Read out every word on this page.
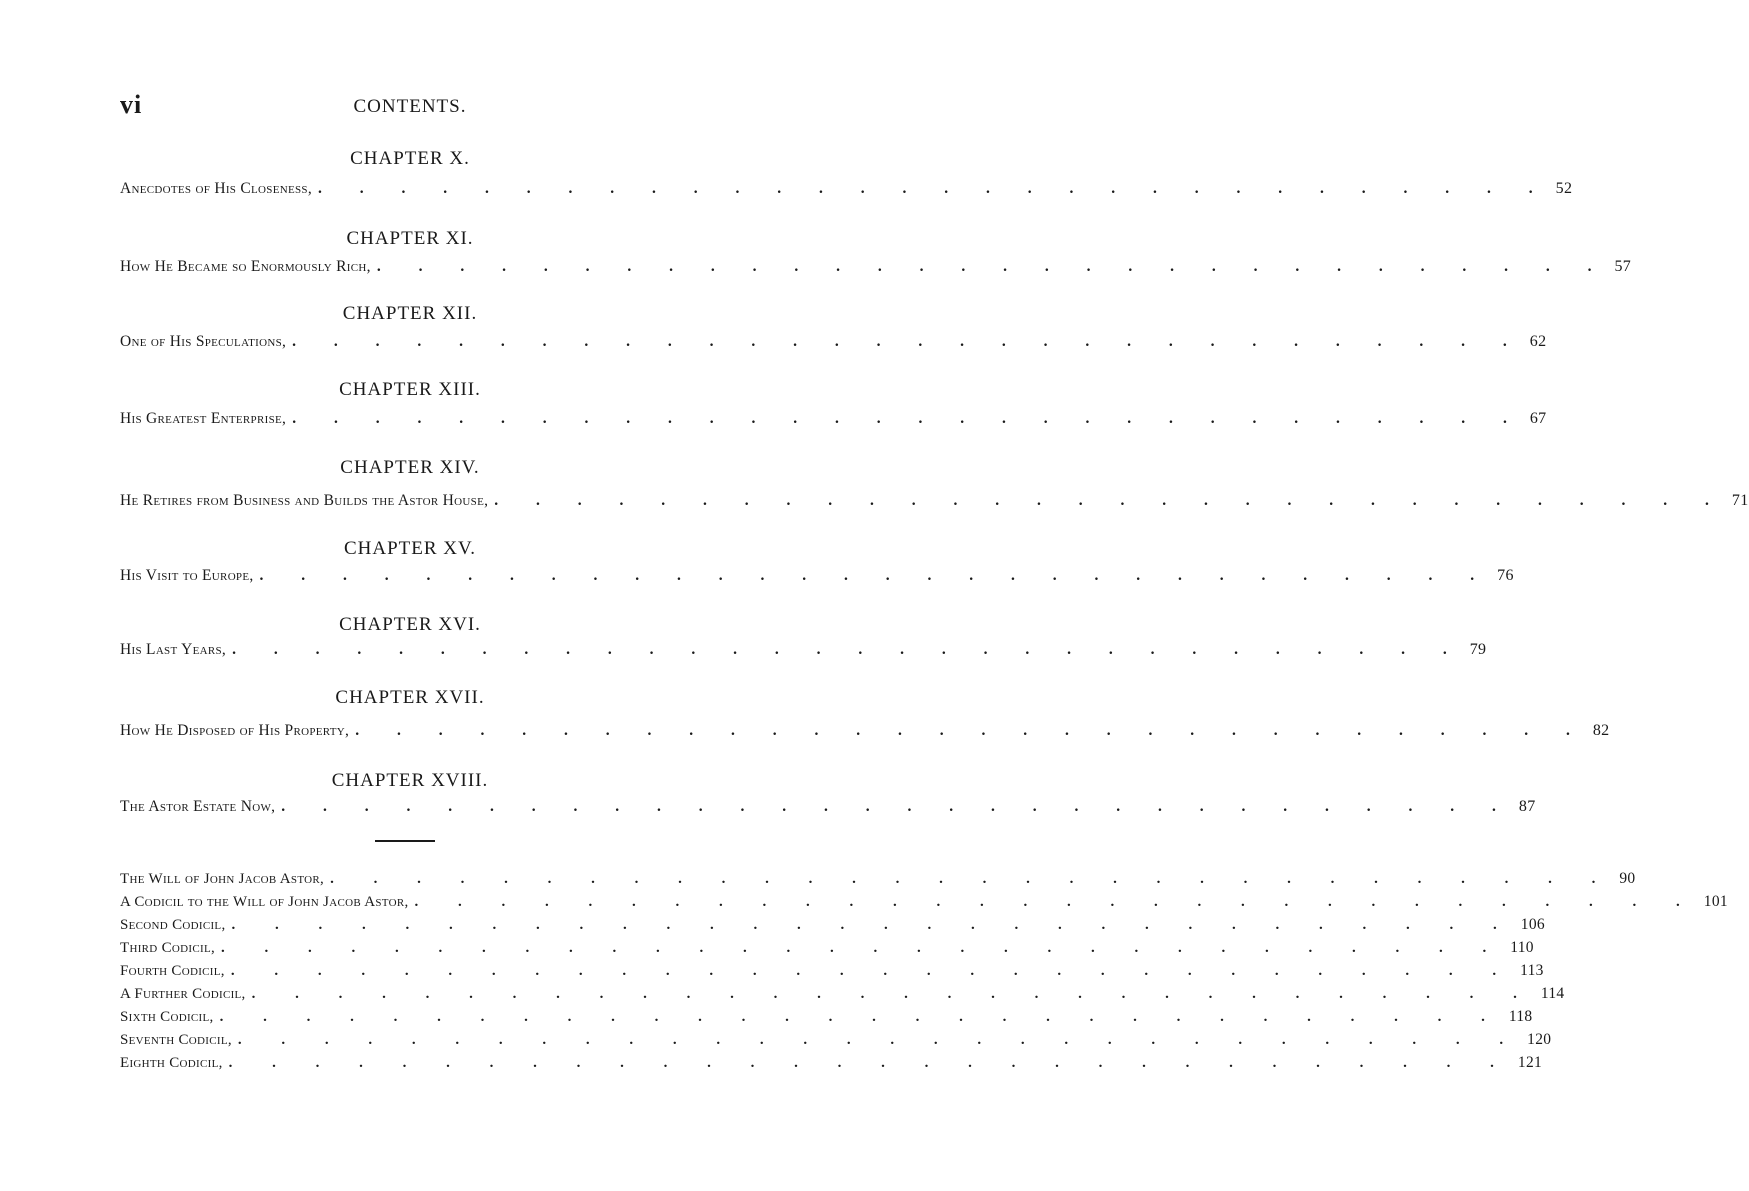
vi	CONTENTS.
CHAPTER X.
Anecdotes of His Closeness, . . . . . . . . . . . . . . . . . . . . . . . . . . . . . . 52
CHAPTER XI.
How He Became so Enormously Rich, . . . . . . . . . . . . . . . . . . . . . . . . . . . . . . 57
CHAPTER XII.
One of His Speculations, . . . . . . . . . . . . . . . . . . . . . . . . . . . . . . 62
CHAPTER XIII.
His Greatest Enterprise, . . . . . . . . . . . . . . . . . . . . . . . . . . . . . . 67
CHAPTER XIV.
He Retires from Business and Builds the Astor House, . . . . . . . . . . . . . . . . . . . . . . . . . . . . . . 71
CHAPTER XV.
His Visit to Europe, . . . . . . . . . . . . . . . . . . . . . . . . . . . . . . 76
CHAPTER XVI.
His Last Years, . . . . . . . . . . . . . . . . . . . . . . . . . . . . . . 79
CHAPTER XVII.
How He Disposed of His Property, . . . . . . . . . . . . . . . . . . . . . . . . . . . . . . 82
CHAPTER XVIII.
The Astor Estate Now, . . . . . . . . . . . . . . . . . . . . . . . . . . . . . . 87
The Will of John Jacob Astor, . . . . . . . . . . . . . . . . . . . . . . . . . . . . . . 90
A Codicil to the Will of John Jacob Astor, . . . . . . . . . . . . . . . . . . . . . . . . . . . . . . 101
Second Codicil, . . . . . . . . . . . . . . . . . . . . . . . . . . . . . . 106
Third Codicil, . . . . . . . . . . . . . . . . . . . . . . . . . . . . . . 110
Fourth Codicil, . . . . . . . . . . . . . . . . . . . . . . . . . . . . . . 113
A Further Codicil, . . . . . . . . . . . . . . . . . . . . . . . . . . . . . . 114
Sixth Codicil, . . . . . . . . . . . . . . . . . . . . . . . . . . . . . . 118
Seventh Codicil, . . . . . . . . . . . . . . . . . . . . . . . . . . . . . . 120
Eighth Codicil, . . . . . . . . . . . . . . . . . . . . . . . . . . . . . . 121
